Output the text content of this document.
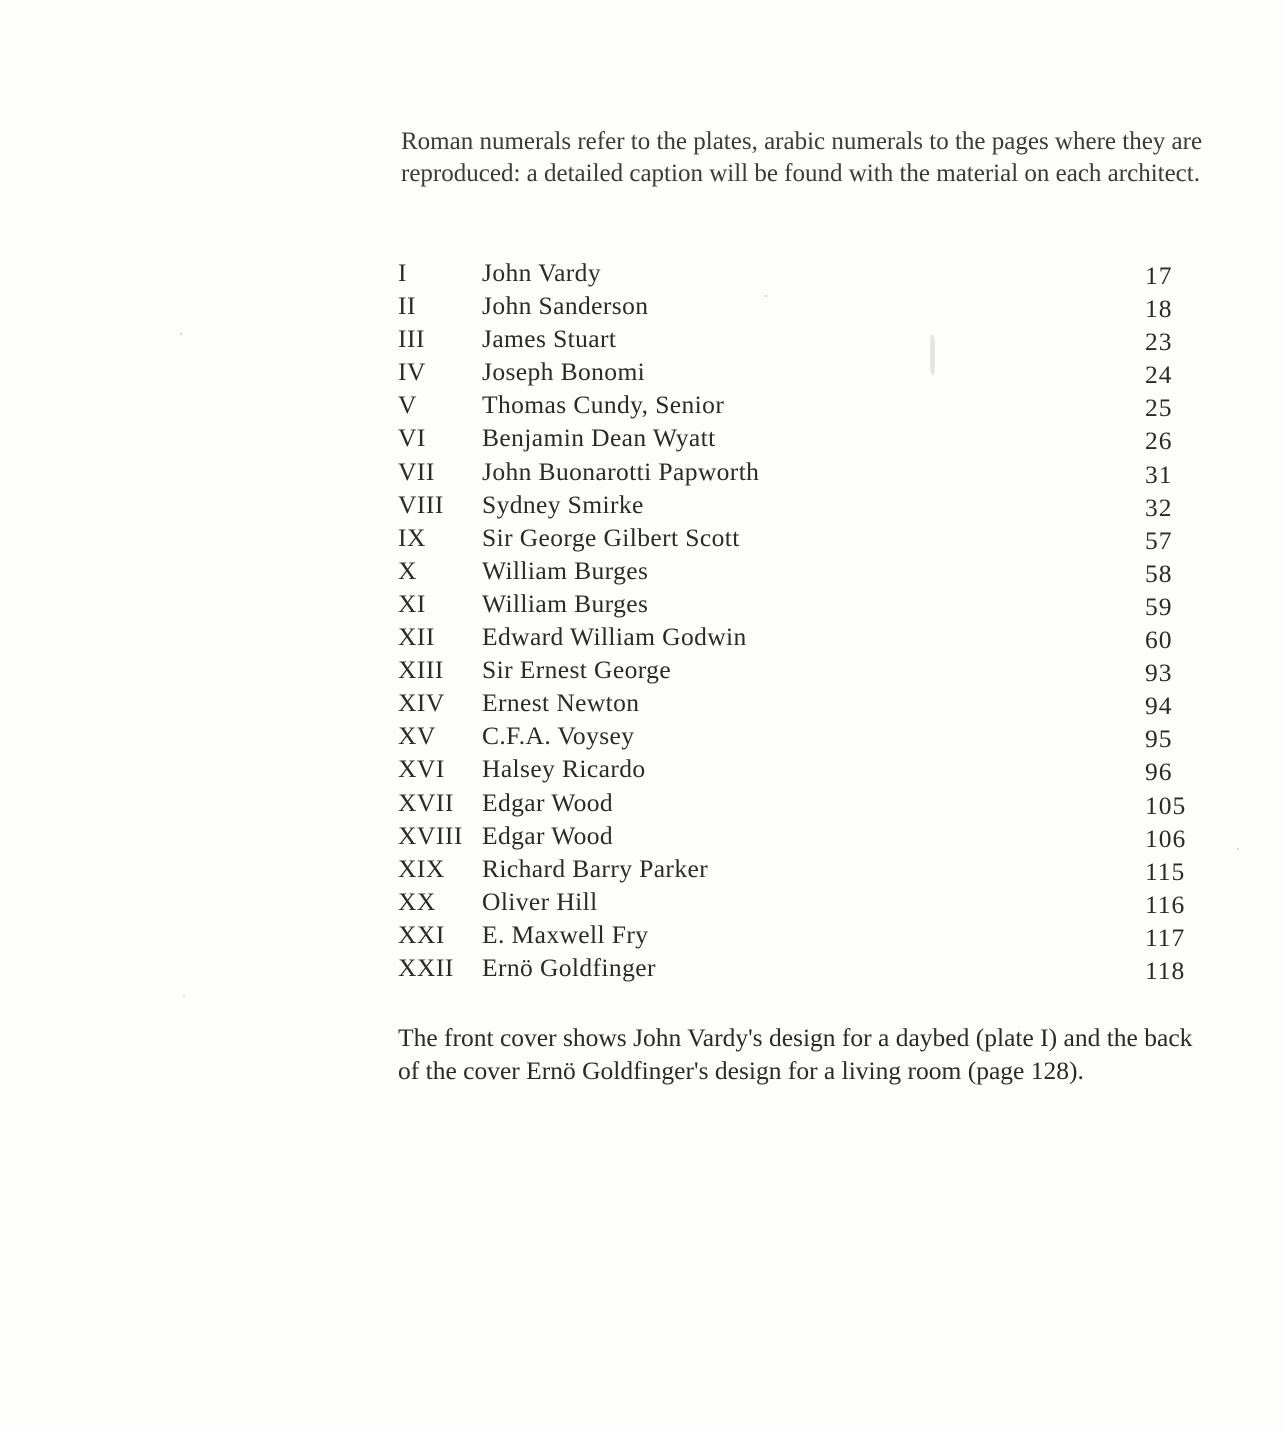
Roman numerals refer to the plates, arabic numerals to the pages where they are reproduced: a detailed caption will be found with the material on each architect.

I	John Vardy	17
II	John Sanderson	18
III James Stuart	23
IV Joseph Bonomi	24
V	Thomas Cundy, Senior	25
VI Benjamin Dean Wyatt	26
VII John Buonarotti Papworth	31
VIII Sydney Smirke	32
IX Sir George Gilbert Scott	57
X	William Burges	58
XI William Burges	59
XII Edward William Godwin	60
XIII Sir Ernest George	93
XIV Ernest Newton	94
XV C.F.A. Voysey	95
XVI Halsey Ricardo	96
XVII Edgar Wood	105
XVIII Edgar Wood	106
XIX Richard Barry Parker	115
XX Oliver Hill	116
XXI E. Maxwell Fry	117
XXII Ernö Goldfinger	118

The front cover shows John Vardy's design for a daybed (plate I) and the back of the cover Ernö Goldfinger's design for a living room (page 128).
